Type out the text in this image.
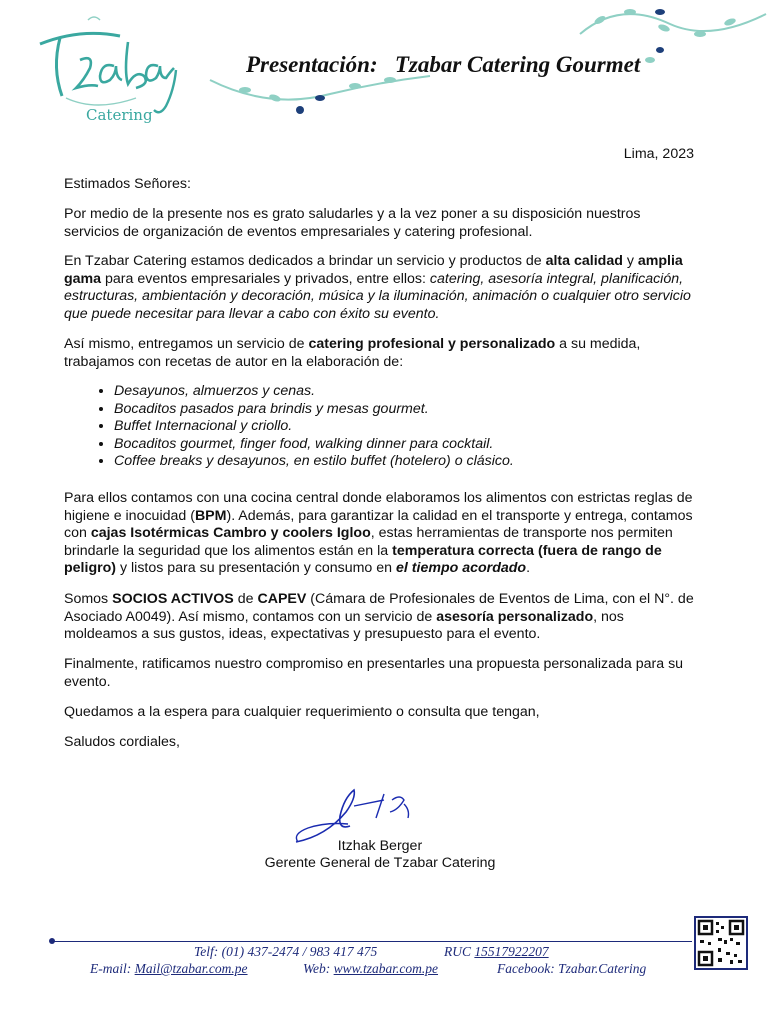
Catering
Presentación:   Tzabar Catering Gourmet
Lima, 2023

Estimados Señores:

Por medio de la presente nos es grato saludarles y a la vez poner a su disposición nuestros servicios de organización de eventos empresariales y catering profesional.

En Tzabar Catering estamos dedicados a brindar un servicio y productos de alta calidad y amplia gama para eventos empresariales y privados, entre ellos: catering, asesoría integral, planificación, estructuras, ambientación y decoración, música y la iluminación, animación o cualquier otro servicio que puede necesitar para llevar a cabo con éxito su evento.

Así mismo, entregamos un servicio de catering profesional y personalizado a su medida, trabajamos con recetas de autor en la elaboración de:

• Desayunos, almuerzos y cenas.
• Bocaditos pasados para brindis y mesas gourmet.
• Buffet Internacional y criollo.
• Bocaditos gourmet, finger food, walking dinner para cocktail.
• Coffee breaks y desayunos, en estilo buffet (hotelero) o clásico.

Para ellos contamos con una cocina central donde elaboramos los alimentos con estrictas reglas de higiene e inocuidad (BPM). Además, para garantizar la calidad en el transporte y entrega, contamos con cajas Isotérmicas Cambro y coolers Igloo, estas herramientas de transporte nos permiten brindarle la seguridad que los alimentos están en la temperatura correcta (fuera de rango de peligro) y listos para su presentación y consumo en el tiempo acordado.

Somos SOCIOS ACTIVOS de CAPEV (Cámara de Profesionales de Eventos de Lima, con el N°. de Asociado A0049). Así mismo, contamos con un servicio de asesoría personalizado, nos moldeamos a sus gustos, ideas, expectativas y presupuesto para el evento.

Finalmente, ratificamos nuestro compromiso en presentarles una propuesta personalizada para su evento.

Quedamos a la espera para cualquier requerimiento o consulta que tengan,

Saludos cordiales,

Itzhak Berger
Gerente General de Tzabar Catering
Telf: (01) 437-2474 / 983 417 475	RUC 15517922207
E-mail: Mail@tzabar.com.pe	Web: www.tzabar.com.pe	Facebook: Tzabar.Catering
